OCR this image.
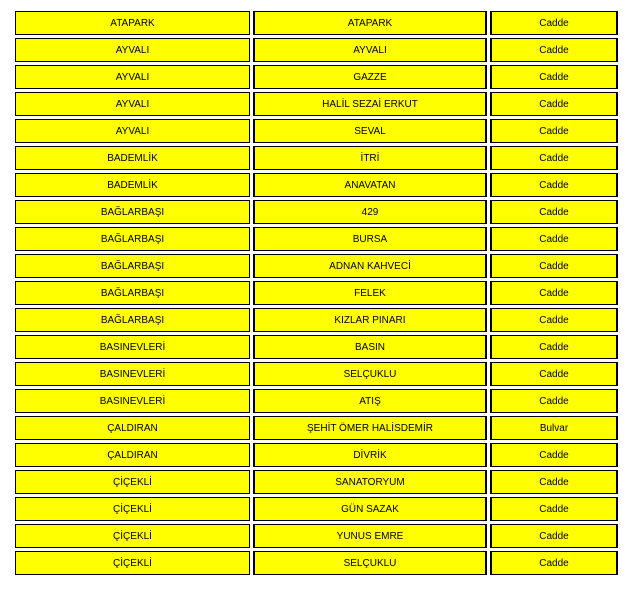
ATAPARK	ATAPARK	Cadde
AYVALI	AYVALI	Cadde
AYVALI	GAZZE	Cadde
AYVALI	HALİL SEZAİ ERKUT	Cadde
AYVALI	SEVAL	Cadde
BADEMLİK	İTRİ	Cadde
BADEMLİK	ANAVATAN	Cadde
BAĞLARBAŞI	429	Cadde
BAĞLARBAŞI	BURSA	Cadde
BAĞLARBAŞI	ADNAN KAHVECİ	Cadde
BAĞLARBAŞI	FELEK	Cadde
BAĞLARBAŞI	KIZLAR PINARI	Cadde
BASINEVLERİ	BASIN	Cadde
BASINEVLERİ	SELÇUKLU	Cadde
BASINEVLERİ	ATIŞ	Cadde
ÇALDIRAN	ŞEHİT ÖMER HALİSDEMİR	Bulvar
ÇALDIRAN	DİVRİK	Cadde
ÇİÇEKLİ	SANATORYUM	Cadde
ÇİÇEKLİ	GÜN SAZAK	Cadde
ÇİÇEKLİ	YUNUS EMRE	Cadde
ÇİÇEKLİ	SELÇUKLU	Cadde
